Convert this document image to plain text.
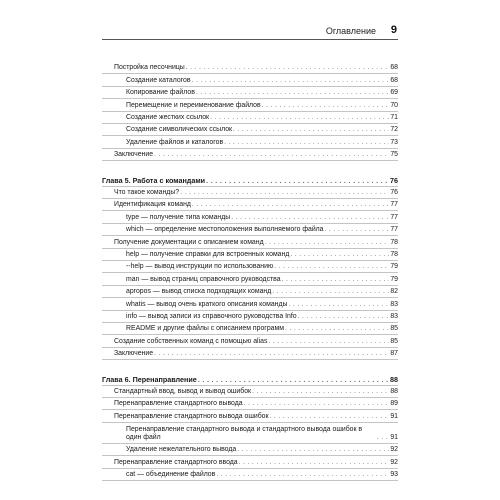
Оглавление 9
Постройка песочницы . . .	68
Создание каталогов . . .	68
Копирование файлов . . .	69
Перемещение и переименование файлов . . .	70
Создание жестких ссылок . . .	71
Создание символических ссылок . . .	72
Удаление файлов и каталогов . . .	73
Заключение . . .	75
Глава 5. Работа с командами . . .	76
Что такое команды? . . .	76
Идентификация команд . . .	77
type — получение типа команды . . .	77
which — определение местоположения выполняемого файла . . .	77
Получение документации с описанием команд . . .	78
help — получение справки для встроенных команд . . .	78
--help — вывод инструкции по использованию . . .	79
man — вывод страниц справочного руководства . . .	79
apropos — вывод списка подходящих команд . . .	82
whatis — вывод очень краткого описания команды . . .	83
info — вывод записи из справочного руководства Info . . .	83
README и другие файлы с описанием программ . . .	85
Создание собственных команд с помощью alias . . .	85
Заключение . . .	87
Глава 6. Перенаправление . . .	88
Стандартный ввод, вывод и вывод ошибок . . .	88
Перенаправление стандартного вывода . . .	89
Перенаправление стандартного вывода ошибок . . .	91
Перенаправление стандартного вывода и стандартного вывода ошибок в один файл . . .	91
Удаление нежелательного вывода . . .	92
Перенаправление стандартного ввода . . .	92
cat — объединение файлов . . .	93
